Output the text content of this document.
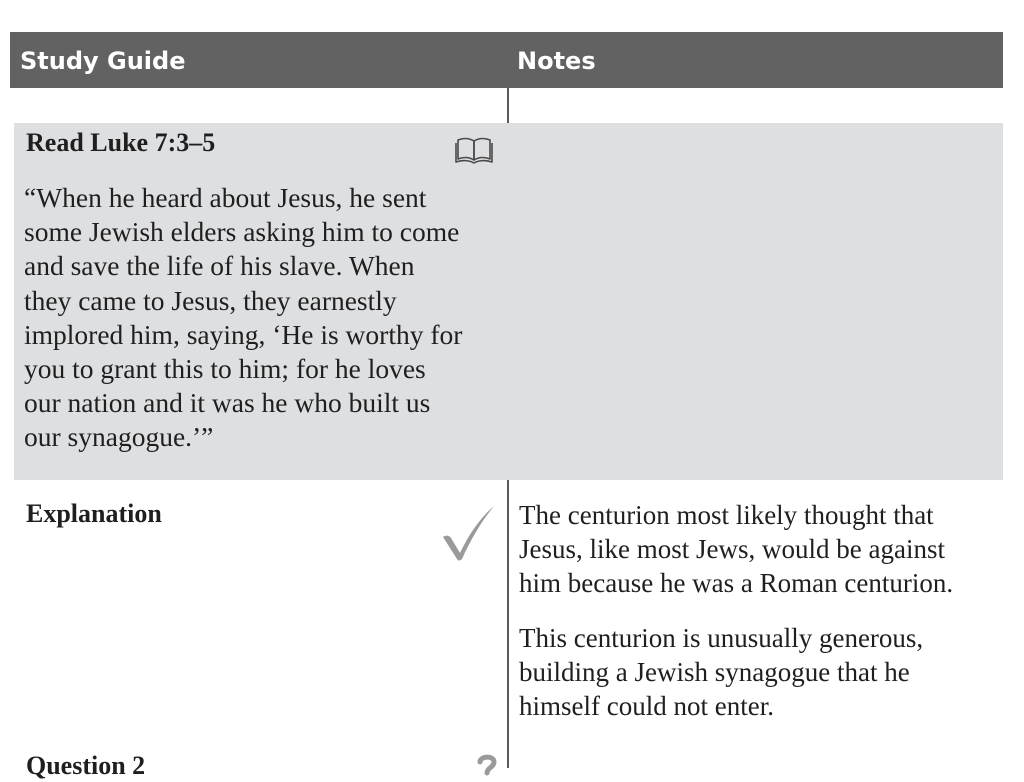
Study Guide	Notes
Read Luke 7:3–5
“When he heard about Jesus, he sent
some Jewish elders asking him to come
and save the life of his slave. When
they came to Jesus, they earnestly
implored him, saying, ‘He is worthy for
you to grant this to him; for he loves
our nation and it was he who built us
our synagogue.’”
Explanation	The centurion most likely thought that
Jesus, like most Jews, would be against
him because he was a Roman centurion.
This centurion is unusually generous,
building a Jewish synagogue that he
himself could not enter.
Question 2
